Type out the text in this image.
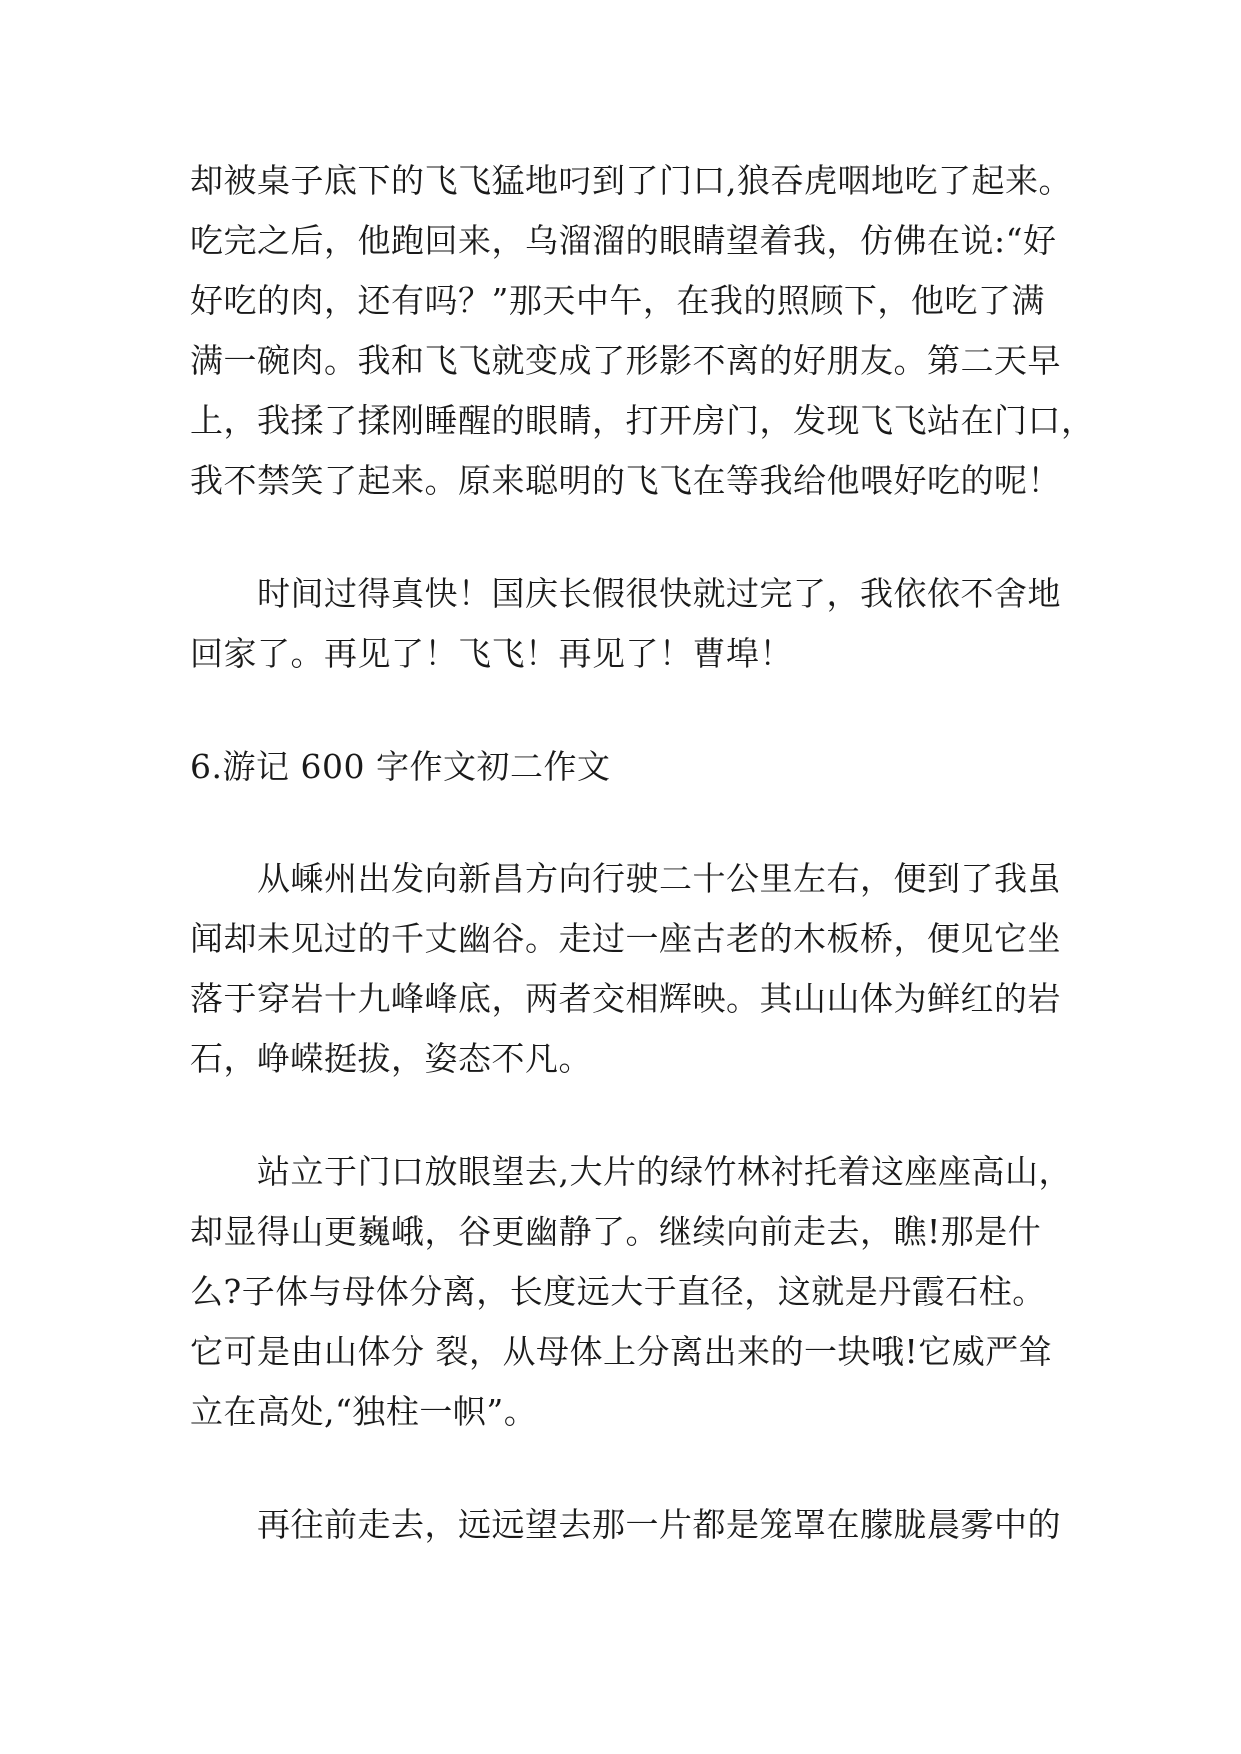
却被桌子底下的飞飞猛地叼到了门口,狼吞虎咽地吃了起来。
吃完之后，他跑回来，乌溜溜的眼睛望着我，仿佛在说:“好
好吃的肉，还有吗？”那天中午，在我的照顾下，他吃了满
满一碗肉。我和飞飞就变成了形影不离的好朋友。第二天早
上，我揉了揉刚睡醒的眼睛，打开房门，发现飞飞站在门口，
我不禁笑了起来。原来聪明的飞飞在等我给他喂好吃的呢！
时间过得真快！国庆长假很快就过完了，我依依不舍地
回家了。再见了！飞飞！再见了！曹埠！
6.游记 600 字作文初二作文
从嵊州出发向新昌方向行驶二十公里左右，便到了我虽
闻却未见过的千丈幽谷。走过一座古老的木板桥，便见它坐
落于穿岩十九峰峰底，两者交相辉映。其山山体为鲜红的岩
石，峥嵘挺拔，姿态不凡。
站立于门口放眼望去,大片的绿竹林衬托着这座座高山，
却显得山更巍峨，谷更幽静了。继续向前走去，瞧!那是什
么?子体与母体分离，长度远大于直径，这就是丹霞石柱。
它可是由山体分 裂，从母体上分离出来的一块哦!它威严耸
立在高处,“独柱一帜”。
再往前走去，远远望去那一片都是笼罩在朦胧晨雾中的
